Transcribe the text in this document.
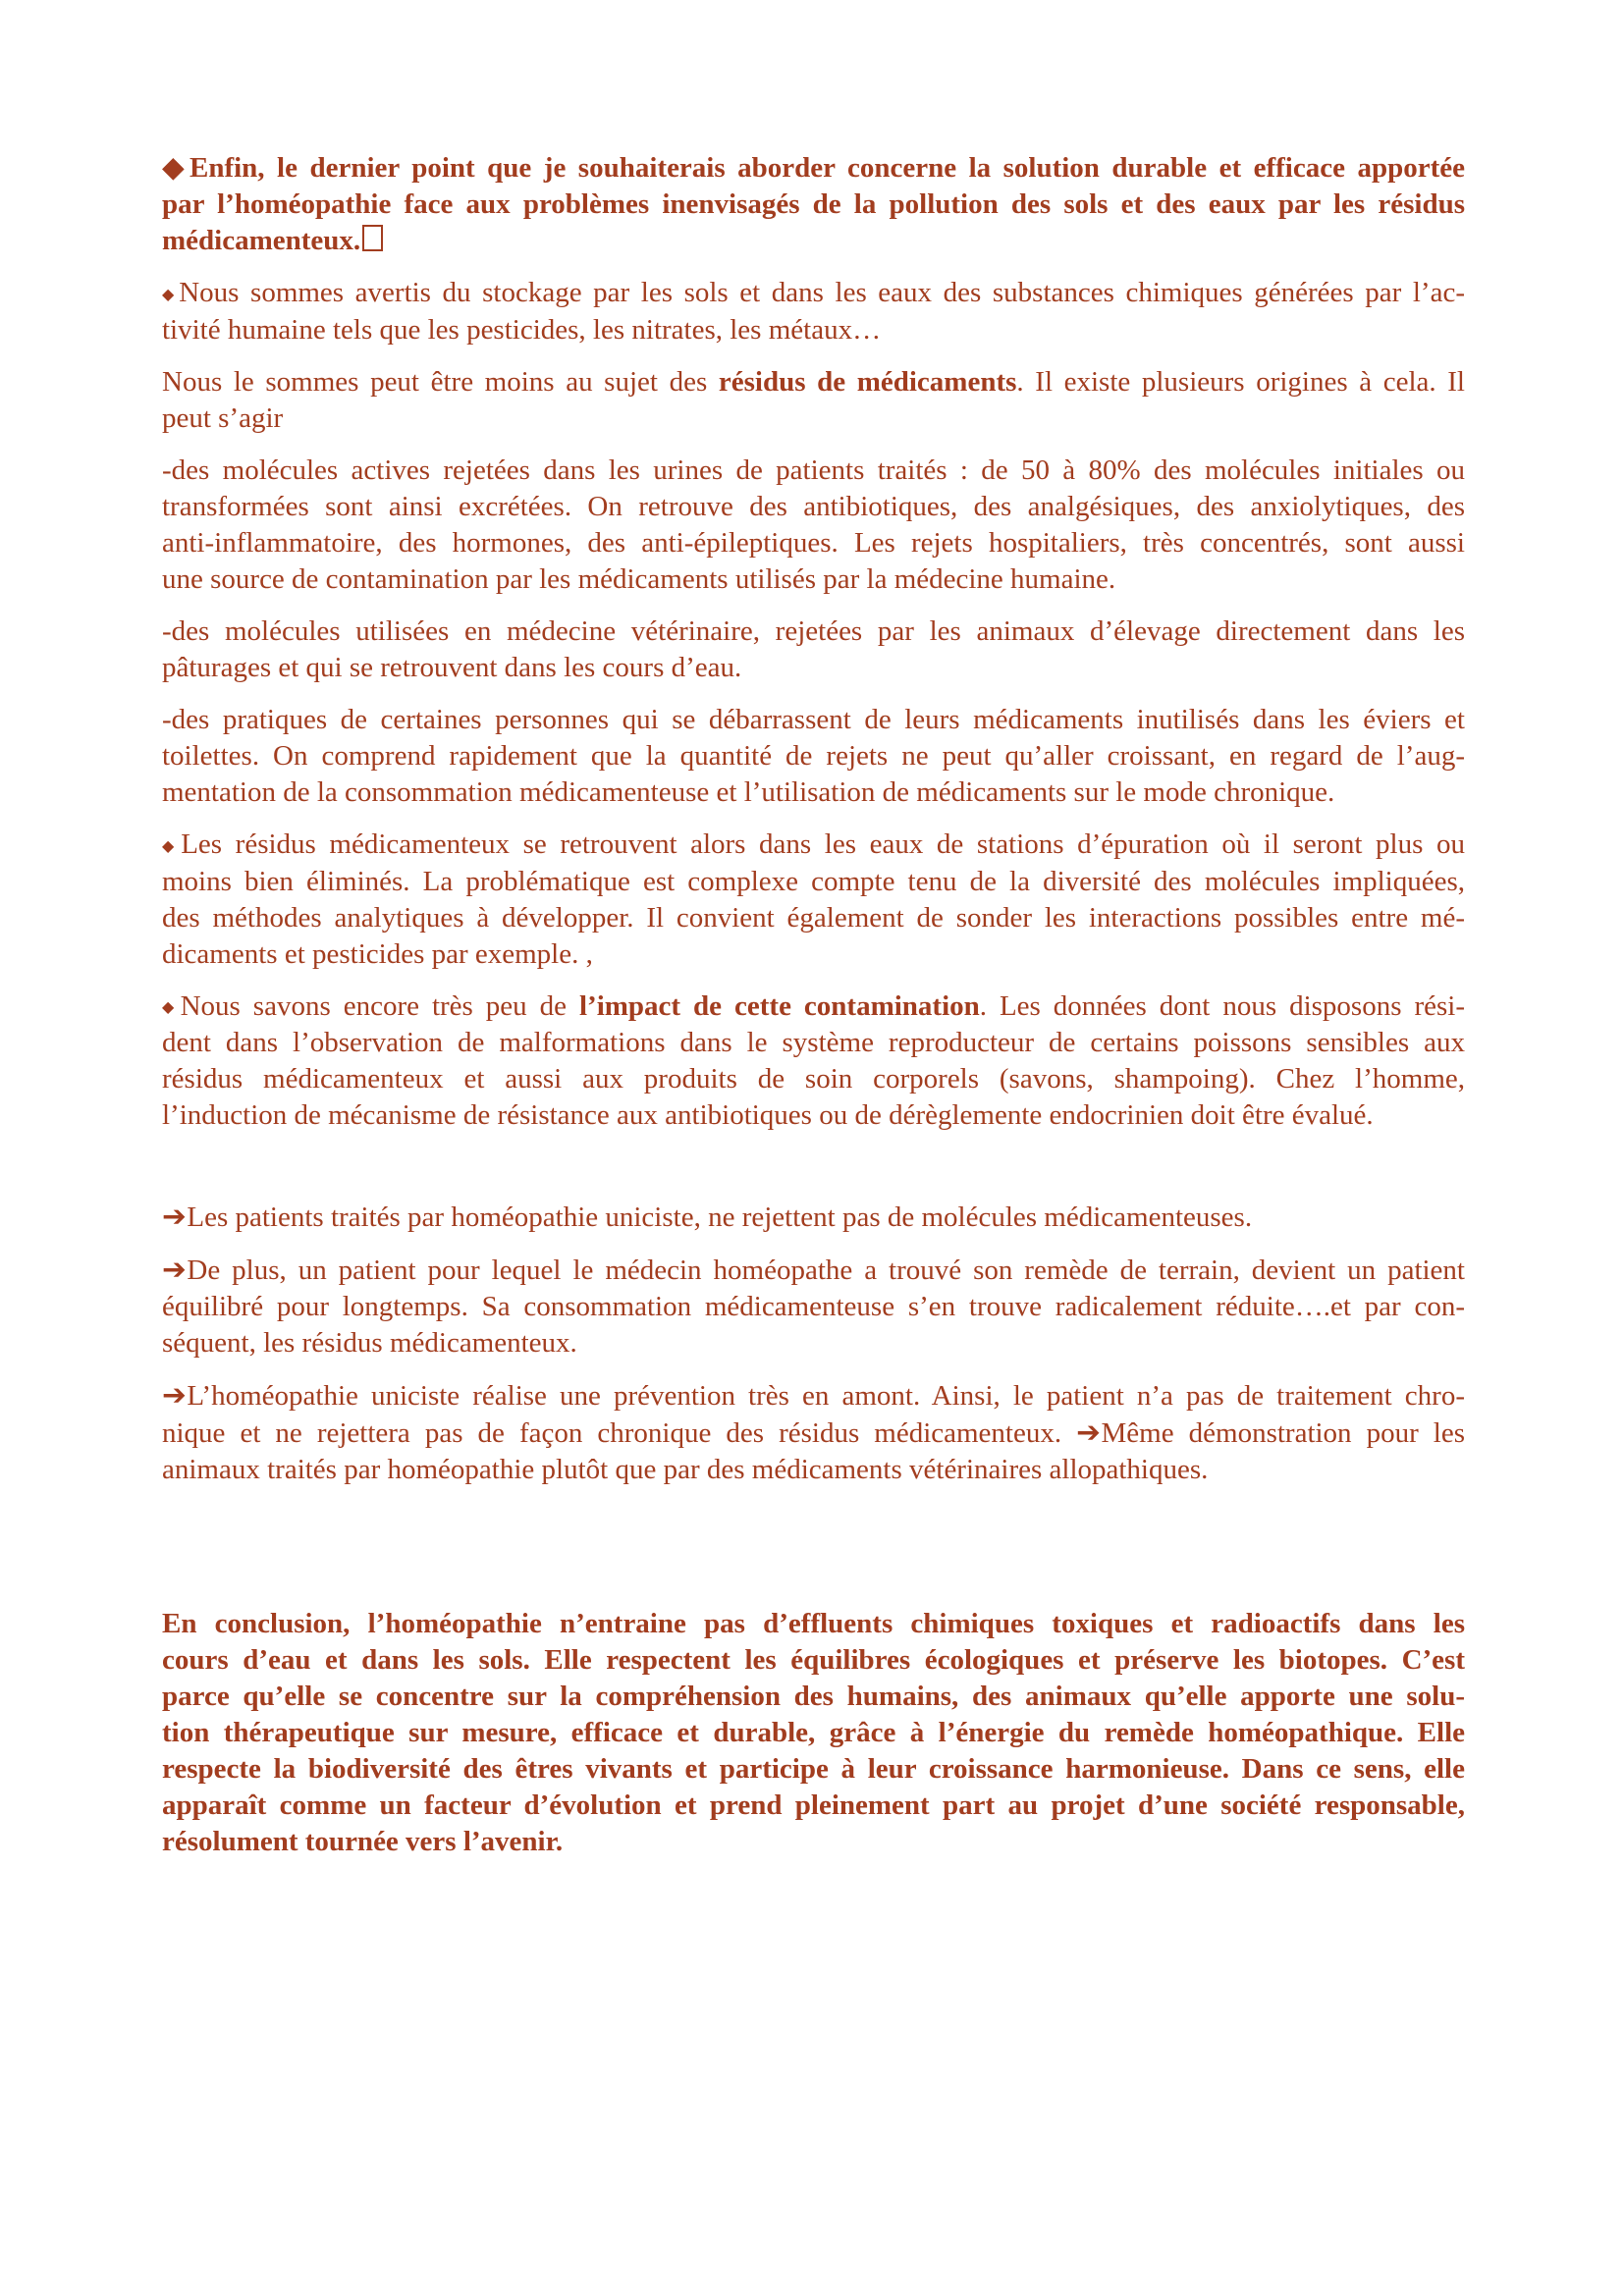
◆Enfin, le dernier point que je souhaiterais aborder concerne la solution durable et efficace apportée
par l’homéopathie face aux problèmes inenvisagés de la pollution des sols et des eaux par les résidus
médicamenteux.
◆Nous sommes avertis du stockage par les sols et dans les eaux des substances chimiques générées par l’ac-
tivité humaine tels que les pesticides, les nitrates, les métaux…
Nous le sommes peut être moins au sujet des résidus de médicaments. Il existe plusieurs origines à cela. Il
peut s’agir
-des molécules actives rejetées dans les urines de patients traités : de 50 à 80% des molécules initiales ou
transformées sont ainsi excrétées. On retrouve des antibiotiques, des analgésiques, des anxiolytiques, des
anti-inflammatoire, des hormones, des anti-épileptiques. Les rejets hospitaliers, très concentrés, sont aussi
une source de contamination par les médicaments utilisés par la médecine humaine.
-des molécules utilisées en médecine vétérinaire, rejetées par les animaux d’élevage directement dans les
pâturages et qui se retrouvent dans les cours d’eau.
-des pratiques de certaines personnes qui se débarrassent de leurs médicaments inutilisés dans les éviers et
toilettes. On comprend rapidement que la quantité de rejets ne peut qu’aller croissant, en regard de l’aug-
mentation de la consommation médicamenteuse et l’utilisation de médicaments sur le mode chronique.
◆Les résidus médicamenteux se retrouvent alors dans les eaux de stations d’épuration où il seront plus ou
moins bien éliminés. La problématique est complexe compte tenu de la diversité des molécules impliquées,
des méthodes analytiques à développer. Il convient également de sonder les interactions possibles entre mé-
dicaments et pesticides par exemple. ,
◆Nous savons encore très peu de l’impact de cette contamination. Les données dont nous disposons rési-
dent dans l’observation de malformations dans le système reproducteur de certains poissons sensibles aux
résidus médicamenteux et aussi aux produits de soin corporels (savons, shampoing). Chez l’homme,
l’induction de mécanisme de résistance aux antibiotiques ou de dérèglemente endocrinien doit être évalué.
➔Les patients traités par homéopathie uniciste, ne rejettent pas de molécules médicamenteuses.
➔De plus, un patient pour lequel le médecin homéopathe a trouvé son remède de terrain, devient un patient
équilibré pour longtemps. Sa consommation médicamenteuse s’en trouve radicalement réduite….et par con-
séquent, les résidus médicamenteux.
➔L’homéopathie uniciste réalise une prévention très en amont. Ainsi, le patient n’a pas de traitement chro-
nique et ne rejettera pas de façon chronique des résidus médicamenteux. ➔Même démonstration pour les
animaux traités par homéopathie plutôt que par des médicaments vétérinaires allopathiques.
En conclusion, l’homéopathie n’entraine pas d’effluents chimiques toxiques et radioactifs dans les
cours d’eau et dans les sols. Elle respectent les équilibres écologiques et préserve les biotopes. C’est
parce qu’elle se concentre sur la compréhension des humains, des animaux qu’elle apporte une solu-
tion thérapeutique sur mesure, efficace et durable, grâce à l’énergie du remède homéopathique. Elle
respecte la biodiversité des êtres vivants et participe à leur croissance harmonieuse. Dans ce sens, elle
apparaît comme un facteur d’évolution et prend pleinement part au projet d’une société responsable,
résolument tournée vers l’avenir.
